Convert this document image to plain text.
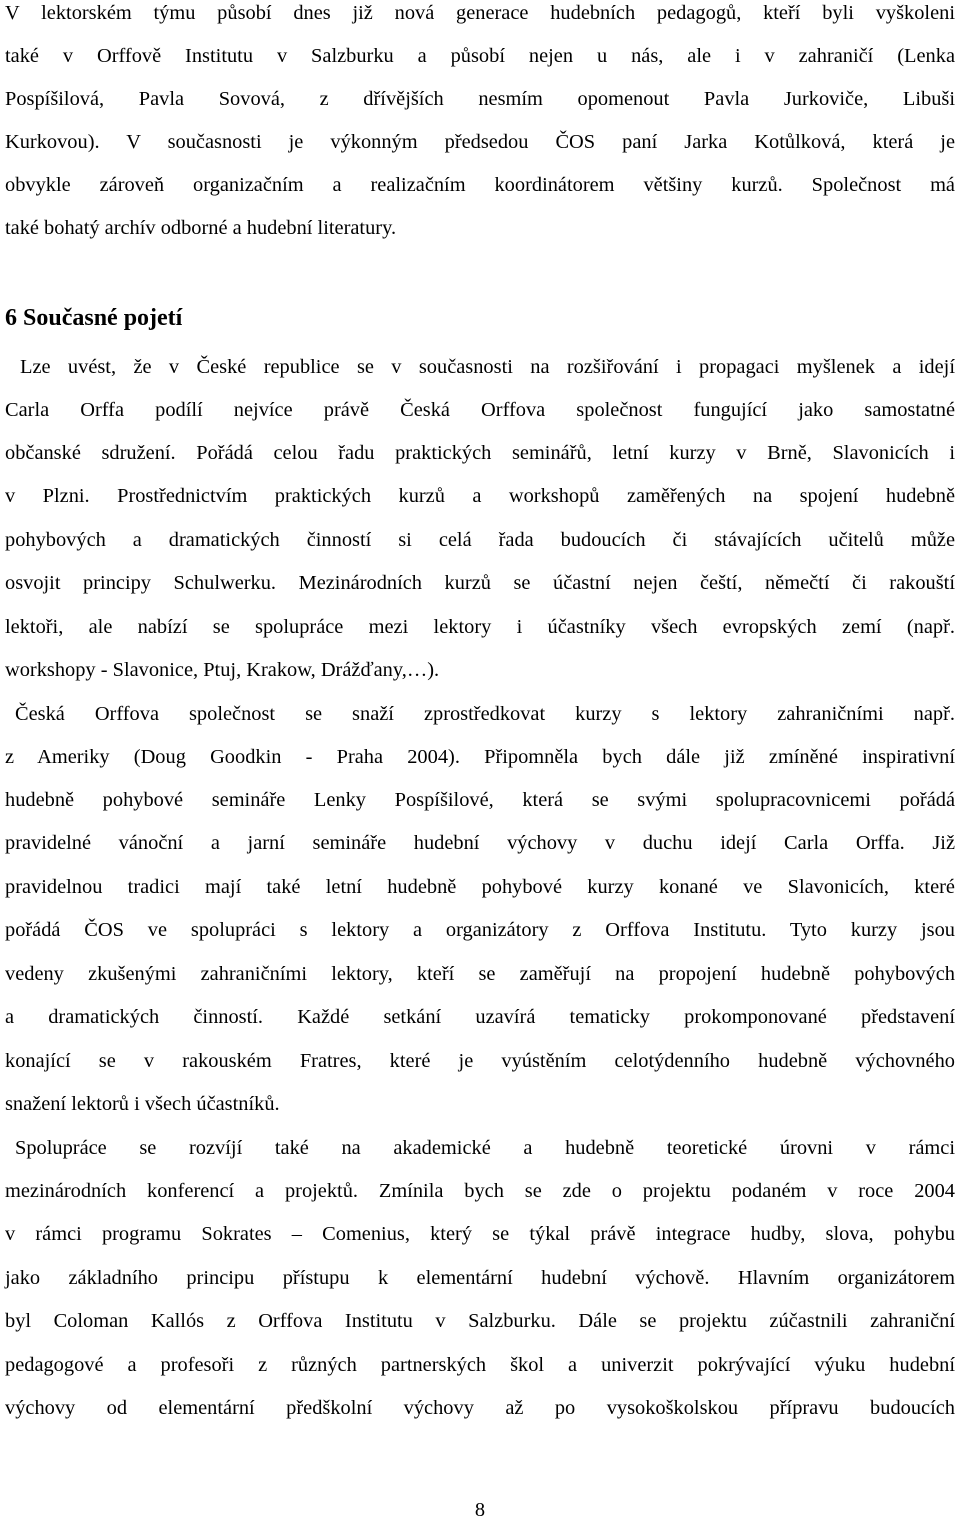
V lektorském týmu působí dnes již nová generace hudebních pedagogů, kteří byli vyškoleni
také v Orffově Institutu v Salzburku a působí nejen u nás, ale i v zahraničí (Lenka
Pospíšilová, Pavla Sovová, z dřívějších nesmím opomenout Pavla Jurkoviče, Libuši
Kurkovou). V současnosti je výkonným předsedou ČOS paní Jarka Kotůlková, která je
obvykle zároveň organizačním a realizačním koordinátorem většiny kurzů. Společnost má
také bohatý archív odborné a hudební literatury.
6 Současné pojetí
Lze uvést, že v České republice se v současnosti na rozšiřování i propagaci myšlenek a idejí
Carla Orffa podílí nejvíce právě Česká Orffova společnost fungující jako samostatné
občanské sdružení. Pořádá celou řadu praktických seminářů, letní kurzy v Brně, Slavonicích i
v Plzni. Prostřednictvím praktických kurzů a workshopů zaměřených na spojení hudebně
pohybových a dramatických činností si celá řada budoucích či stávajících učitelů může
osvojit principy Schulwerku. Mezinárodních kurzů se účastní nejen čeští, němečtí či rakouští
lektoři, ale nabízí se spolupráce mezi lektory i účastníky všech evropských zemí (např.
workshopy - Slavonice, Ptuj, Krakow, Drážďany,…).
Česká Orffova společnost se snaží zprostředkovat kurzy s lektory zahraničními např.
z Ameriky (Doug Goodkin - Praha 2004). Připomněla bych dále již zmíněné inspirativní
hudebně pohybové semináře Lenky Pospíšilové, která se svými spolupracovnicemi pořádá
pravidelné vánoční a jarní semináře hudební výchovy v duchu idejí Carla Orffa. Již
pravidelnou tradici mají také letní hudebně pohybové kurzy konané ve Slavonicích, které
pořádá ČOS ve spolupráci s lektory a organizátory z Orffova Institutu. Tyto kurzy jsou
vedeny zkušenými zahraničními lektory, kteří se zaměřují na propojení hudebně pohybových
a dramatických činností. Každé setkání uzavírá tematicky prokomponované představení
konající se v rakouském Fratres, které je vyústěním celotýdenního hudebně výchovného
snažení lektorů i všech účastníků.
Spolupráce se rozvíjí také na akademické a hudebně teoretické úrovni v rámci
mezinárodních konferencí a projektů. Zmínila bych se zde o projektu podaném v roce 2004
v rámci programu Sokrates – Comenius, který se týkal právě integrace hudby, slova, pohybu
jako základního principu přístupu k elementární hudební výchově. Hlavním organizátorem
byl Coloman Kallós z Orffova Institutu v Salzburku. Dále se projektu zúčastnili zahraniční
pedagogové a profesoři z různých partnerských škol a univerzit pokrývající výuku hudební
výchovy od elementární předškolní výchovy až po vysokoškolskou přípravu budoucích
8
